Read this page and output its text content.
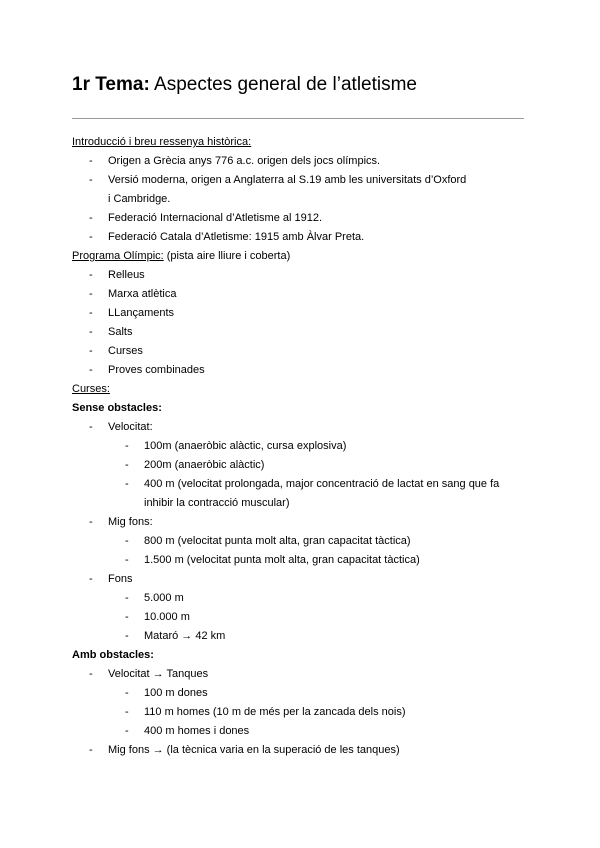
1r Tema: Aspectes general de l’atletisme
Introducció i breu ressenya històrica:
- Origen a Grècia anys 776 a.c. origen dels jocs olímpics.
- Versió moderna, origen a Anglaterra al S.19 amb les universitats d’Oxford i Cambridge.
- Federació Internacional d’Atletisme al 1912.
- Federació Catala d’Atletisme: 1915 amb Àlvar Preta.
Programa Olímpic: (pista aire lliure i coberta)
- Relleus
- Marxa atlètica
- LLançaments
- Salts
- Curses
- Proves combinades
Curses:
Sense obstacles:
- Velocitat:
- 100m (anaeròbic alàctic, cursa explosiva)
- 200m (anaeròbic alàctic)
- 400 m (velocitat prolongada, major concentració de lactat en sang que fa inhibir la contracció muscular)
- Mig fons:
- 800 m (velocitat punta molt alta, gran capacitat tàctica)
- 1.500 m (velocitat punta molt alta, gran capacitat tàctica)
- Fons
- 5.000 m
- 10.000 m
- Mataró → 42 km
Amb obstacles:
- Velocitat → Tanques
- 100 m dones
- 110 m homes (10 m de més per la zancada dels nois)
- 400 m homes i dones
- Mig fons → (la tècnica varia en la superació de les tanques)
